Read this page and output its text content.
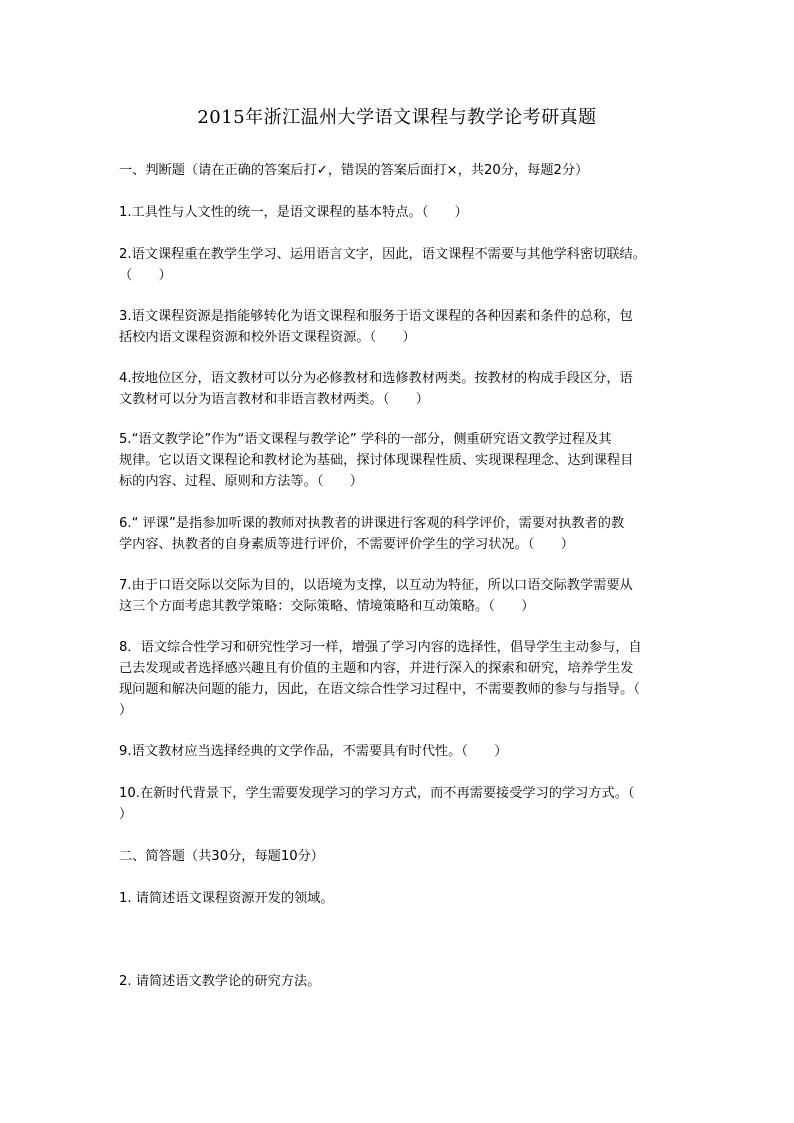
2015年浙江温州大学语文课程与教学论考研真题
一、判断题（请在正确的答案后打✓，错误的答案后面打×，共20分，每题2分）
1.工具性与人文性的统一，是语文课程的基本特点。（　　）
2.语文课程重在教学生学习、运用语言文字，因此，语文课程不需要与其他学科密切联结。
（　　）
3.语文课程资源是指能够转化为语文课程和服务于语文课程的各种因素和条件的总称，包
括校内语文课程资源和校外语文课程资源。（　　）
4.按地位区分，语文教材可以分为必修教材和选修教材两类。按教材的构成手段区分，语
文教材可以分为语言教材和非语言教材两类。（　　）
5.“语文教学论”作为“语文课程与教学论” 学科的一部分，侧重研究语文教学过程及其
规律。它以语文课程论和教材论为基础，探讨体现课程性质、实现课程理念、达到课程目
标的内容、过程、原则和方法等。（　　）
6.“ 评课”是指参加听课的教师对执教者的讲课进行客观的科学评价，需要对执教者的教
学内容、执教者的自身素质等进行评价，不需要评价学生的学习状况。（　　）
7.由于口语交际以交际为目的，以语境为支撑，以互动为特征，所以口语交际教学需要从
这三个方面考虑其教学策略：交际策略、情境策略和互动策略。（　　）
8．语文综合性学习和研究性学习一样，增强了学习内容的选择性，倡导学生主动参与，自
己去发现或者选择感兴趣且有价值的主题和内容，并进行深入的探索和研究，培养学生发
现问题和解决问题的能力，因此，在语文综合性学习过程中，不需要教师的参与与指导。（
）
9.语文教材应当选择经典的文学作品，不需要具有时代性。（　　）
10.在新时代背景下，学生需要发现学习的学习方式，而不再需要接受学习的学习方式。（
）
二、简答题（共30分，每题10分）
1. 请简述语文课程资源开发的领域。
2. 请简述语文教学论的研究方法。
